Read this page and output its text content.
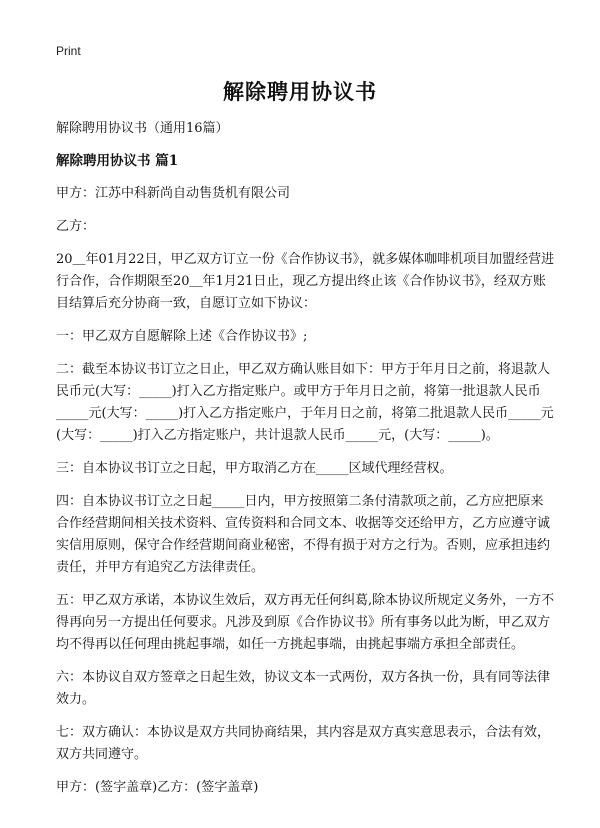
Print
解除聘用协议书

解除聘用协议书（通用16篇）

解除聘用协议书 篇1

甲方：江苏中科新尚自动售货机有限公司

乙方：

20＿年01月22日，甲乙双方订立一份《合作协议书》，就多媒体咖啡机项目加盟经营进行合作，合作期限至20＿年1月21日止，现乙方提出终止该《合作协议书》，经双方账目结算后充分协商一致，自愿订立如下协议：

一：甲乙双方自愿解除上述《合作协议书》;

二：截至本协议书订立之日止，甲乙双方确认账目如下：甲方于年月日之前，将退款人民币元(大写：_____)打入乙方指定账户。或甲方于年月日之前，将第一批退款人民币_____元(大写：_____)打入乙方指定账户，于年月日之前，将第二批退款人民币_____元(大写：_____)打入乙方指定账户，共计退款人民币_____元，(大写：_____)。

三：自本协议书订立之日起，甲方取消乙方在_____区域代理经营权。

四：自本协议书订立之日起_____日内，甲方按照第二条付清款项之前，乙方应把原来合作经营期间相关技术资料、宣传资料和合同文本、收据等交还给甲方，乙方应遵守诚实信用原则，保守合作经营期间商业秘密，不得有损于对方之行为。否则，应承担违约责任，并甲方有追究乙方法律责任。

五：甲乙双方承诺，本协议生效后，双方再无任何纠葛,除本协议所规定义务外，一方不得再向另一方提出任何要求。凡涉及到原《合作协议书》所有事务以此为断，甲乙双方均不得再以任何理由挑起事端，如任一方挑起事端，由挑起事端方承担全部责任。

六：本协议自双方签章之日起生效，协议文本一式两份，双方各执一份，具有同等法律效力。

七：双方确认：本协议是双方共同协商结果，其内容是双方真实意思表示，合法有效，双方共同遵守。

甲方：(签字盖章)乙方：(签字盖章)
